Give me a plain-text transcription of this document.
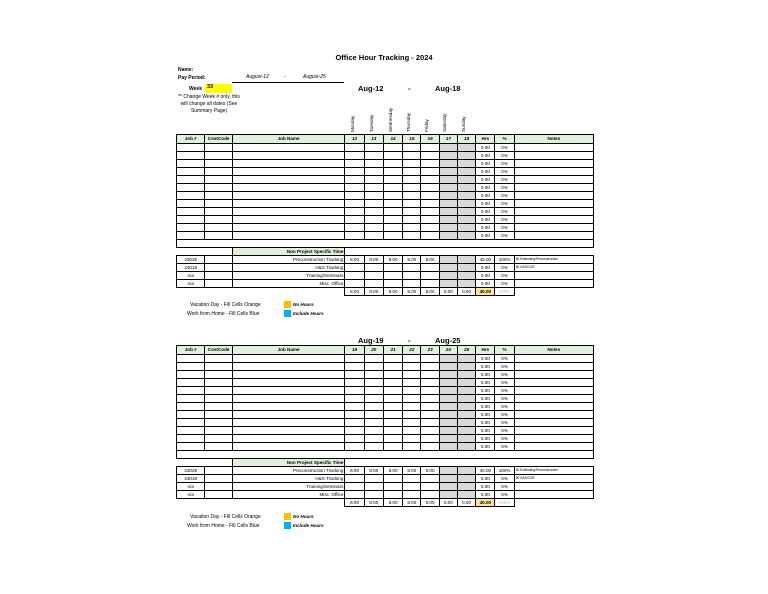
Office Hour Tracking - 2024
Name:
Pay Period:	August-12	-	August-25
Week 33
** Change Week # only, this will change all dates (See Summary Page)
Aug-12	-	Aug-18
Monday	Tuesday	Wednesday	Thursday	Friday	Saturday	Sunday
Job #	CostCode	Job Name	12	13	14	15	16	17	18	Hrs	%	Notes
										0.00	0%	
										0.00	0%	
										0.00	0%	
										0.00	0%	
										0.00	0%	
										0.00	0%	
										0.00	0%	
										0.00	0%	
										0.00	0%	
										0.00	0%	
										0.00	0%	
										0.00	0%	

		Non Project Specific Time										
23026		Preconstruction Tracking	8.00	8.00	8.00	8.00	8.00			40.00	100%	80 Estimating/Preconstruction
24018		H&S Tracking								0.00	0%	80 H&S/COR
n/a		Training/Seminars								0.00	0%	
n/a		Misc. Office								0.00	0%	
			8.00	8.00	8.00	8.00	8.00	0.00	0.00	40.00	100%	
Vacation Day - Fill Cells Orange	No Hours
Work from Home - Fill Cells Blue	Include Hours
Aug-19	-	Aug-25
Job #	CostCode	Job Name	19	20	21	22	23	24	25	Hrs	%	Notes
										0.00	0%	
										0.00	0%	
										0.00	0%	
										0.00	0%	
										0.00	0%	
										0.00	0%	
										0.00	0%	
										0.00	0%	
										0.00	0%	
										0.00	0%	
										0.00	0%	
										0.00	0%	

		Non Project Specific Time										
23026		Preconstruction Tracking	8.00	8.00	8.00	8.00	8.00			40.00	100%	80 Estimating/Preconstruction
24018		H&S Tracking								0.00	0%	80 H&S/COR
n/a		Training/Seminars								0.00	0%	
n/a		Misc. Office								0.00	0%	
			8.00	8.00	8.00	8.00	8.00	0.00	0.00	40.00	100%	
Vacation Day - Fill Cells Orange	No Hours
Work from Home - Fill Cells Blue	Include Hours
